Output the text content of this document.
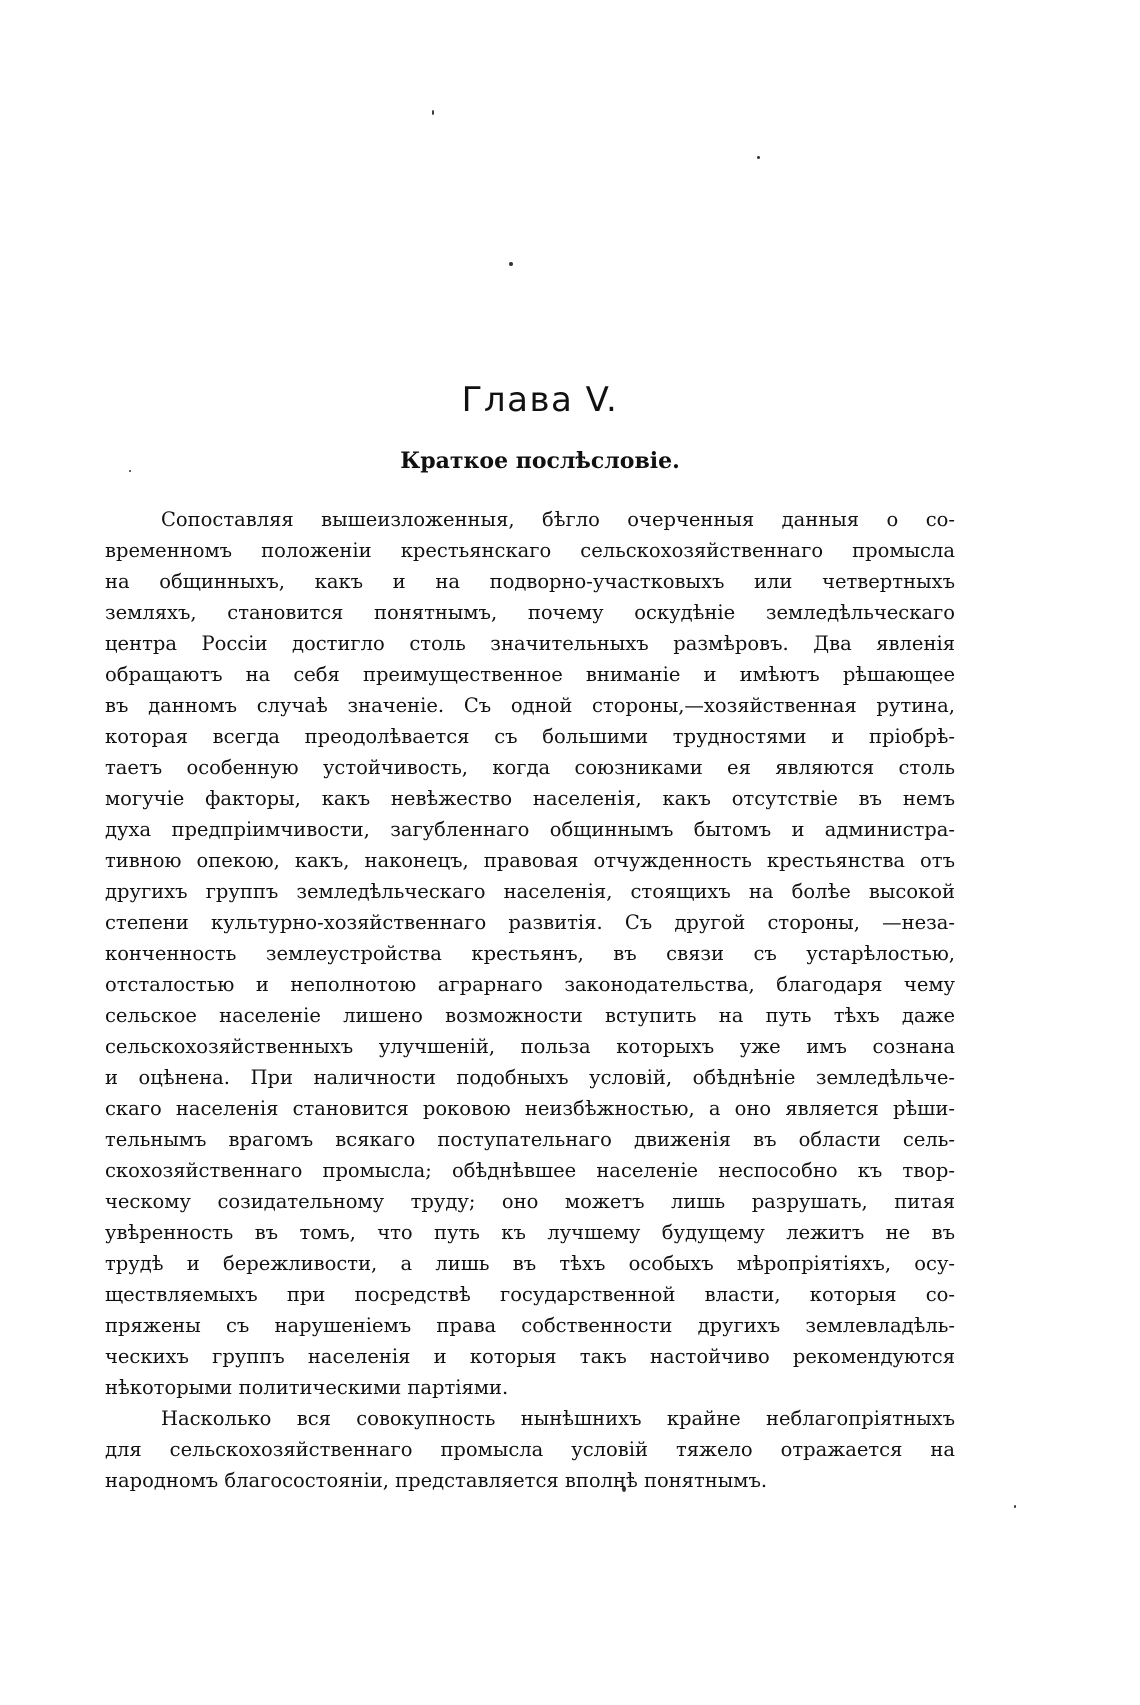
Глава V.
Краткое послѣсловіе.
Сопоставляя вышеизложенныя, бѣгло очерченныя данныя о со-
временномъ положеніи крестьянскаго сельскохозяйственнаго промысла
на общинныхъ, какъ и на подворно-участковыхъ или четвертныхъ
земляхъ, становится понятнымъ, почему оскудѣніе земледѣльческаго
центра Россіи достигло столь значительныхъ размѣровъ. Два явленія
обращаютъ на себя преимущественное вниманіе и имѣютъ рѣшающее
въ данномъ случаѣ значеніе. Съ одной стороны,—хозяйственная рутина,
которая всегда преодолѣвается съ большими трудностями и пріобрѣ-
таетъ особенную устойчивость, когда союзниками ея являются столь
могучіе факторы, какъ невѣжество населенія, какъ отсутствіе въ немъ
духа предпріимчивости, загубленнаго общиннымъ бытомъ и администра-
тивною опекою, какъ, наконецъ, правовая отчужденность крестьянства отъ
другихъ группъ земледѣльческаго населенія, стоящихъ на болѣе высокой
степени культурно-хозяйственнаго развитія. Съ другой стороны, —неза-
конченность землеустройства крестьянъ, въ связи съ устарѣлостью,
отсталостью и неполнотою аграрнаго законодательства, благодаря чему
сельское населеніе лишено возможности вступить на путь тѣхъ даже
сельскохозяйственныхъ улучшеній, польза которыхъ уже имъ сознана
и оцѣнена. При наличности подобныхъ условій, обѣднѣніе земледѣльче-
скаго населенія становится роковою неизбѣжностью, а оно является рѣши-
тельнымъ врагомъ всякаго поступательнаго движенія въ области сель-
скохозяйственнаго промысла; обѣднѣвшее населеніе неспособно къ твор-
ческому созидательному труду; оно можетъ лишь разрушать, питая
увѣренность въ томъ, что путь къ лучшему будущему лежитъ не въ
трудѣ и бережливости, а лишь въ тѣхъ особыхъ мѣропріятіяхъ, осу-
ществляемыхъ при посредствѣ государственной власти, которыя со-
пряжены съ нарушеніемъ права собственности другихъ землевладѣль-
ческихъ группъ населенія и которыя такъ настойчиво рекомендуются
нѣкоторыми политическими партіями.
Насколько вся совокупность нынѣшнихъ крайне неблагопріятныхъ
для сельскохозяйственнаго промысла условій тяжело отражается на
народномъ благосостояніи, представляется вполнѣ понятнымъ.
